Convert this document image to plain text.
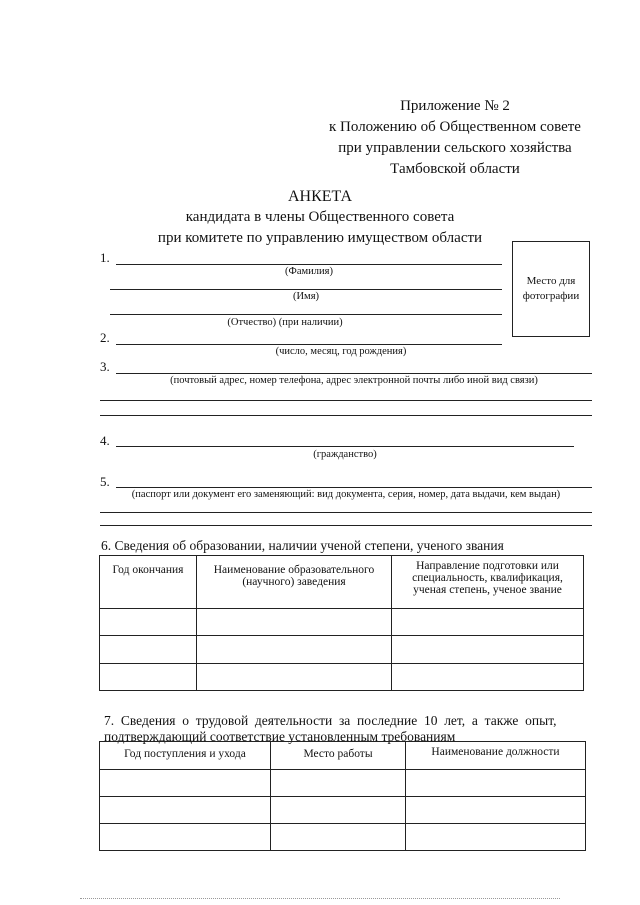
Приложение № 2
к Положению об Общественном совете
при управлении сельского хозяйства
Тамбовской области
АНКЕТА
кандидата в члены Общественного совета
при комитете по управлению имуществом области
Место для фотографии
1.
(Фамилия)
(Имя)
(Отчество) (при наличии)
2.
(число, месяц, год рождения)
3.
(почтовый адрес, номер телефона, адрес электронной почты либо иной вид связи)
4.
(гражданство)
5.
(паспорт или документ его заменяющий: вид документа, серия, номер, дата выдачи, кем выдан)
6. Сведения об образовании, наличии ученой степени, ученого звания
Год окончания	Наименование образовательного (научного) заведения	Направление подготовки или специальность, квалификация, ученая степень, ученое звание

7.  Сведения  о  трудовой  деятельности  за  последние  10  лет,  а  также  опыт,
подтверждающий соответствие установленным требованиям
Год поступления и ухода	Место работы	Наименование должности
